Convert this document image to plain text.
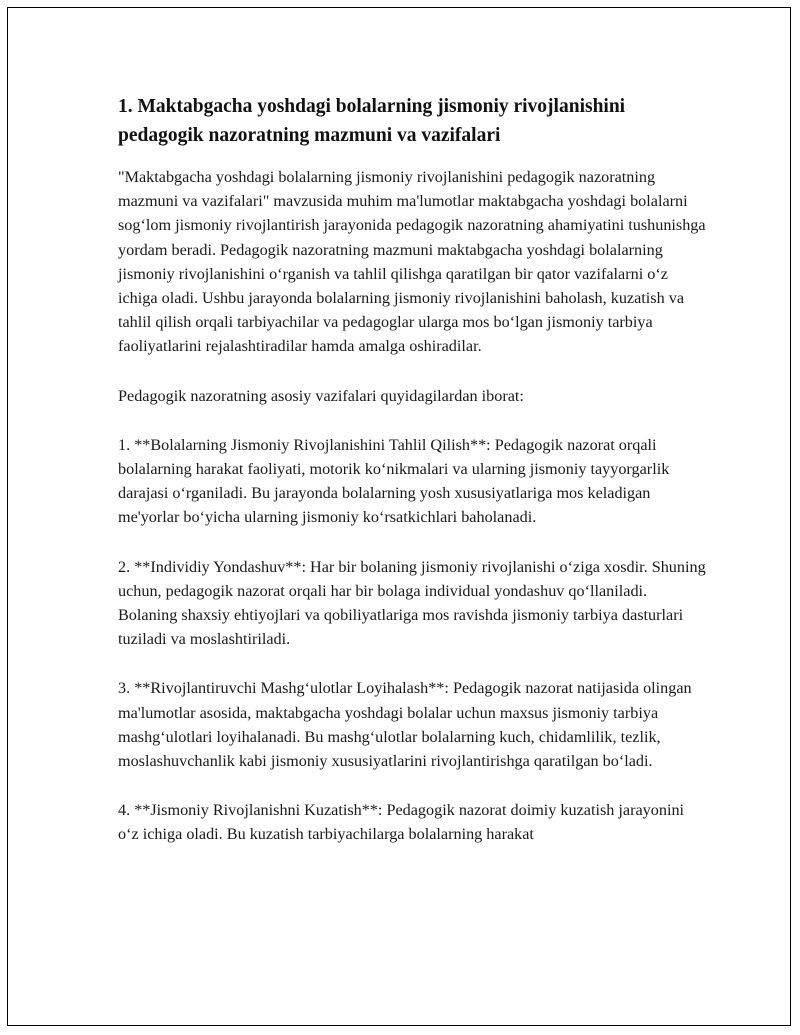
1. Maktabgacha yoshdagi bolalarning jismoniy rivojlanishini pedagogik nazoratning mazmuni va vazifalari

"Maktabgacha yoshdagi bolalarning jismoniy rivojlanishini pedagogik nazoratning mazmuni va vazifalari" mavzusida muhim ma'lumotlar maktabgacha yoshdagi bolalarni sog‘lom jismoniy rivojlantirish jarayonida pedagogik nazoratning ahamiyatini tushunishga yordam beradi. Pedagogik nazoratning mazmuni maktabgacha yoshdagi bolalarning jismoniy rivojlanishini o‘rganish va tahlil qilishga qaratilgan bir qator vazifalarni o‘z ichiga oladi. Ushbu jarayonda bolalarning jismoniy rivojlanishini baholash, kuzatish va tahlil qilish orqali tarbiyachilar va pedagoglar ularga mos bo‘lgan jismoniy tarbiya faoliyatlarini rejalashtiradilar hamda amalga oshiradilar.

Pedagogik nazoratning asosiy vazifalari quyidagilardan iborat:

1. **Bolalarning Jismoniy Rivojlanishini Tahlil Qilish**: Pedagogik nazorat orqali bolalarning harakat faoliyati, motorik ko‘nikmalari va ularning jismoniy tayyorgarlik darajasi o‘rganiladi. Bu jarayonda bolalarning yosh xususiyatlariga mos keladigan me'yorlar bo‘yicha ularning jismoniy ko‘rsatkichlari baholanadi.

2. **Individiy Yondashuv**: Har bir bolaning jismoniy rivojlanishi o‘ziga xosdir. Shuning uchun, pedagogik nazorat orqali har bir bolaga individual yondashuv qo‘llaniladi. Bolaning shaxsiy ehtiyojlari va qobiliyatlariga mos ravishda jismoniy tarbiya dasturlari tuziladi va moslashtiriladi.

3. **Rivojlantiruvchi Mashg‘ulotlar Loyihalash**: Pedagogik nazorat natijasida olingan ma'lumotlar asosida, maktabgacha yoshdagi bolalar uchun maxsus jismoniy tarbiya mashg‘ulotlari loyihalanadi. Bu mashg‘ulotlar bolalarning kuch, chidamlilik, tezlik, moslashuvchanlik kabi jismoniy xususiyatlarini rivojlantirishga qaratilgan bo‘ladi.

4. **Jismoniy Rivojlanishni Kuzatish**: Pedagogik nazorat doimiy kuzatish jarayonini o‘z ichiga oladi. Bu kuzatish tarbiyachilarga bolalarning harakat
